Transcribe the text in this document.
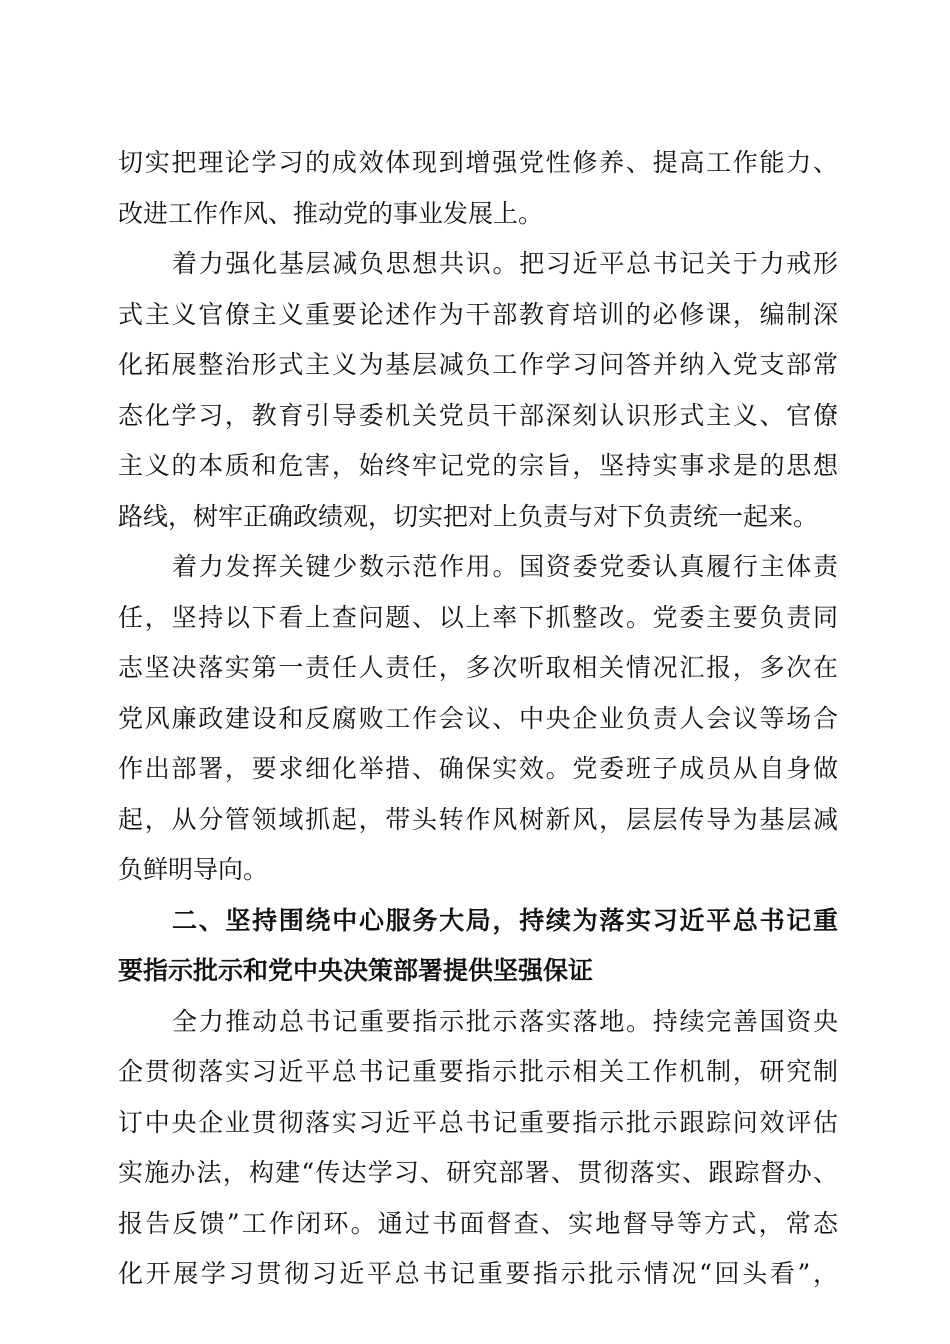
切实把理论学习的成效体现到增强党性修养、提高工作能力、
改进工作作风、推动党的事业发展上。
着力强化基层减负思想共识。把习近平总书记关于力戒形
式主义官僚主义重要论述作为干部教育培训的必修课，编制深
化拓展整治形式主义为基层减负工作学习问答并纳入党支部常
态化学习，教育引导委机关党员干部深刻认识形式主义、官僚
主义的本质和危害，始终牢记党的宗旨，坚持实事求是的思想
路线，树牢正确政绩观，切实把对上负责与对下负责统一起来。
着力发挥关键少数示范作用。国资委党委认真履行主体责
任，坚持以下看上查问题、以上率下抓整改。党委主要负责同
志坚决落实第一责任人责任，多次听取相关情况汇报，多次在
党风廉政建设和反腐败工作会议、中央企业负责人会议等场合
作出部署，要求细化举措、确保实效。党委班子成员从自身做
起，从分管领域抓起，带头转作风树新风，层层传导为基层减
负鲜明导向。
二、坚持围绕中心服务大局，持续为落实习近平总书记重
要指示批示和党中央决策部署提供坚强保证
全力推动总书记重要指示批示落实落地。持续完善国资央
企贯彻落实习近平总书记重要指示批示相关工作机制，研究制
订中央企业贯彻落实习近平总书记重要指示批示跟踪问效评估
实施办法，构建“传达学习、研究部署、贯彻落实、跟踪督办、
报告反馈”工作闭环。通过书面督查、实地督导等方式，常态
化开展学习贯彻习近平总书记重要指示批示情况“回头看”，
